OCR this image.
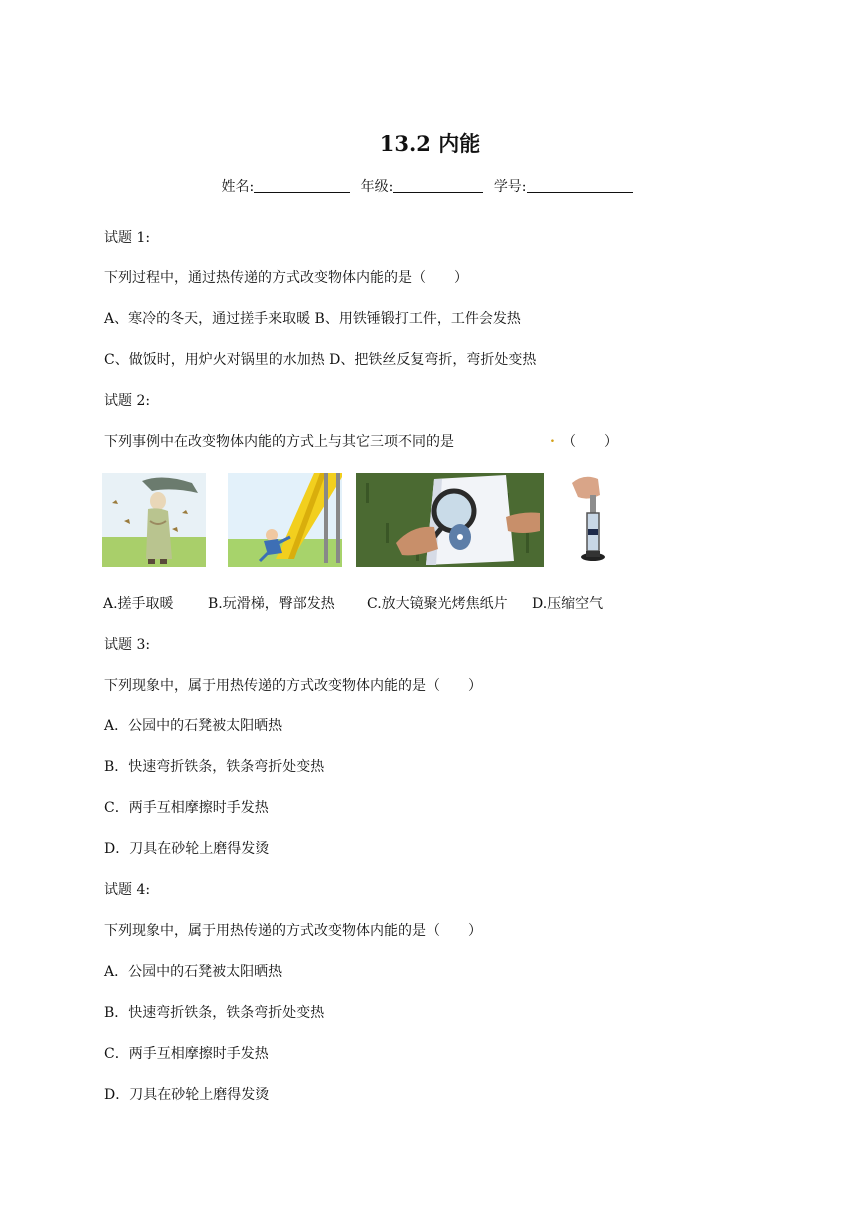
13.2 内能
姓名:	年级:	学号:
试题 1:
下列过程中，通过热传递的方式改变物体内能的是（　　）
A、寒冷的冬天，通过搓手来取暖 B、用铁锤锻打工件，工件会发热
C、做饭时，用炉火对锅里的水加热 D、把铁丝反复弯折，弯折处变热
试题 2:
下列事例中在改变物体内能的方式上与其它三项不同的是	. （　　）
A.搓手取暖 B.玩滑梯，臀部发热 C.放大镜聚光烤焦纸片 D.压缩空气
试题 3:
下列现象中，属于用热传递的方式改变物体内能的是（　　）
A．公园中的石凳被太阳晒热
B．快速弯折铁条，铁条弯折处变热
C．两手互相摩擦时手发热
D．刀具在砂轮上磨得发烫
试题 4:
下列现象中，属于用热传递的方式改变物体内能的是（　　）
A．公园中的石凳被太阳晒热
B．快速弯折铁条，铁条弯折处变热
C．两手互相摩擦时手发热
D．刀具在砂轮上磨得发烫
